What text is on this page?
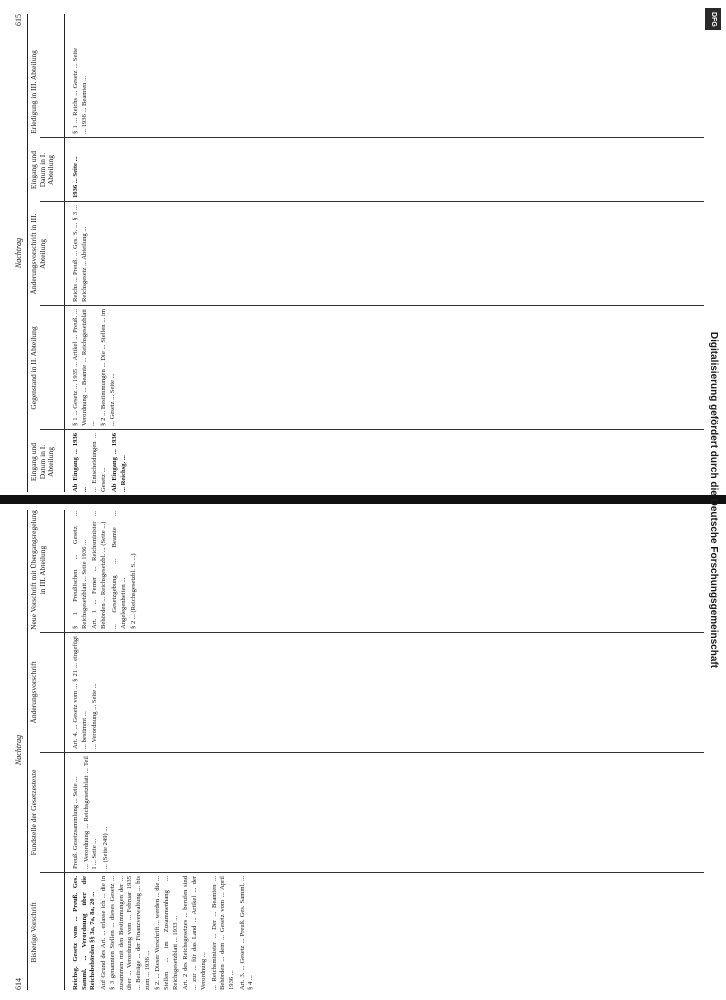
614
Nachtrag
Bisherige Vorschrift
Fundstelle der Gesetzestexte
Änderungsvorschrift
Neue Vorschrift mit Übergangsregelung in III. Abteilung

Reichsg. Gesetz vom ... Preuß. Ges. Samml. ... Verordnung über die Reichsbehörden §§ 3a, 7a, 8a, 20 ... Auf Grund des Art. ... erlasse ich ... die in § 3 genannten Stellen ... dieses Gesetz ... zusammen mit den Bestimmungen der ... über ... Verordnung vom ... Februar 1935 ... Beiträge ... der Finanzverwaltung ... bis zum ... 1936 ... § 2. ... Dieser Vorschrift ... werden ... die ... Stellen ... im Zusammenhang ... Reichsgesetzblatt ... 1933 ... Art. 2 des Reichsgesetzes ... berufen sind ... zur ... für das Land ... Artikel ... der Verordnung ... ... Reichsminister ... Der ... Beamten ... Behörden ... dem ... Gesetz vom ... April 1936 ... Art. 3. ... Gesetz ... Preuß. Ges. Samml. ... § 4 ...

Preuß. Gesetzsammlung ... Seite ... ... Verordnung ... Reichsgesetzblatt ... Teil I ... Seite ... ... (Seite 249) ...

Art. 4. ... Gesetz vom ... § 21 ... eingefügt ... bestimmt ... ... Verordnung ... Seite ...

§ 1 Preußischen ... Gesetz ... Reichsgesetzblatt ... Seite 1936 ... Art. 1 ... Ferner ... Reichsminister ... Behörden ... Reichsgesetzbl. ... (Seite ...) ... Gesetzgebung ... Beamte ... Angelegenheiten ... § 2 ... (Reichsgesetzbl. S. ...)

Nachtrag
615
Eingang und Datum in I. Abteilung
Gegenstand in II. Abteilung
Änderungsvorschrift in III. Abteilung
Eingang und Datum in I. Abteilung
Erledigung in III. Abteilung

Ab Eingang ... 1936 ... ... Entscheidungen ... Gesetz ... Ab Eingang ... 1936 ... Reichsg. ...

§ 1 ... Gesetz ... 1935 ... Artikel ... Preuß. ... Verordnung ... Beamte ... Reichsgesetzblatt ... § 2 ... Bestimmungen ... Die ... Stellen ... im ... Gesetz ... Seite ...

Reichs ... Preuß. ... Ges. S. ... § 3 ... Reichsgesetz ... Abteilung ...

1936 ... Seite ...

§ 1 ... Reichs ... Gesetz ... Seite ... 1936 ... Beamten ...

DFG
Digitalisierung gefördert durch die Deutsche Forschungsgemeinschaft
